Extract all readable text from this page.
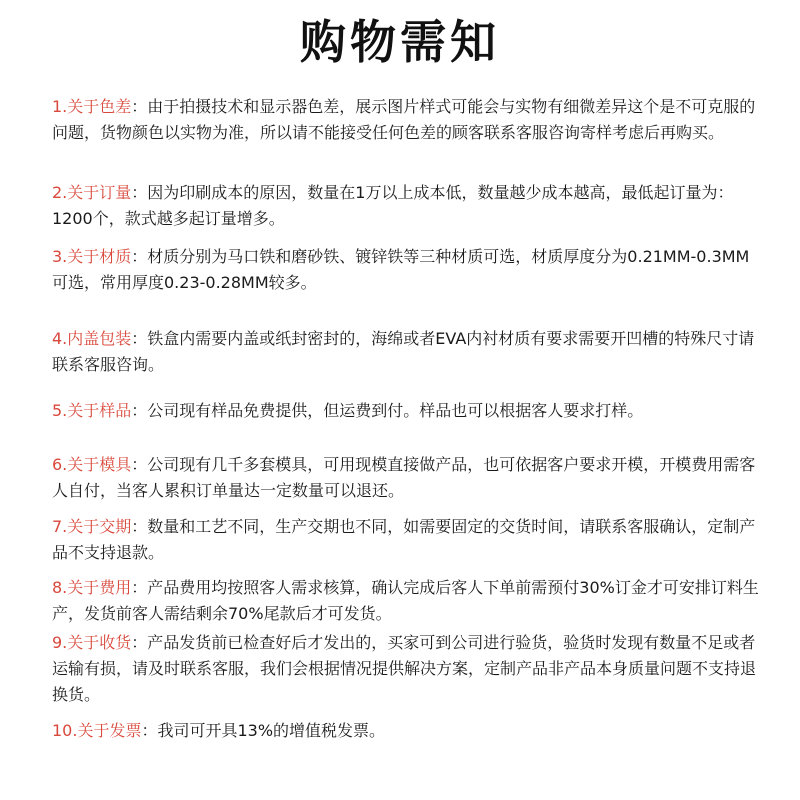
购物需知
1.关于色差：由于拍摄技术和显示器色差，展示图片样式可能会与实物有细微差异这个是不可克服的问题，货物颜色以实物为准，所以请不能接受任何色差的顾客联系客服咨询寄样考虑后再购买。
2.关于订量：因为印刷成本的原因，数量在1万以上成本低，数量越少成本越高，最低起订量为：1200个，款式越多起订量增多。
3.关于材质：材质分别为马口铁和磨砂铁、镀锌铁等三种材质可选，材质厚度分为0.21MM-0.3MM可选，常用厚度0.23-0.28MM较多。
4.内盖包装：铁盒内需要内盖或纸封密封的，海绵或者EVA内衬材质有要求需要开凹槽的特殊尺寸请联系客服咨询。
5.关于样品：公司现有样品免费提供，但运费到付。样品也可以根据客人要求打样。
6.关于模具：公司现有几千多套模具，可用现模直接做产品，也可依据客户要求开模，开模费用需客人自付，当客人累积订单量达一定数量可以退还。
7.关于交期：数量和工艺不同，生产交期也不同，如需要固定的交货时间，请联系客服确认，定制产品不支持退款。
8.关于费用：产品费用均按照客人需求核算，确认完成后客人下单前需预付30%订金才可安排订料生产，发货前客人需结剩余70%尾款后才可发货。
9.关于收货：产品发货前已检查好后才发出的，买家可到公司进行验货，验货时发现有数量不足或者运输有损，请及时联系客服，我们会根据情况提供解决方案，定制产品非产品本身质量问题不支持退换货。
10.关于发票：我司可开具13%的增值税发票。
